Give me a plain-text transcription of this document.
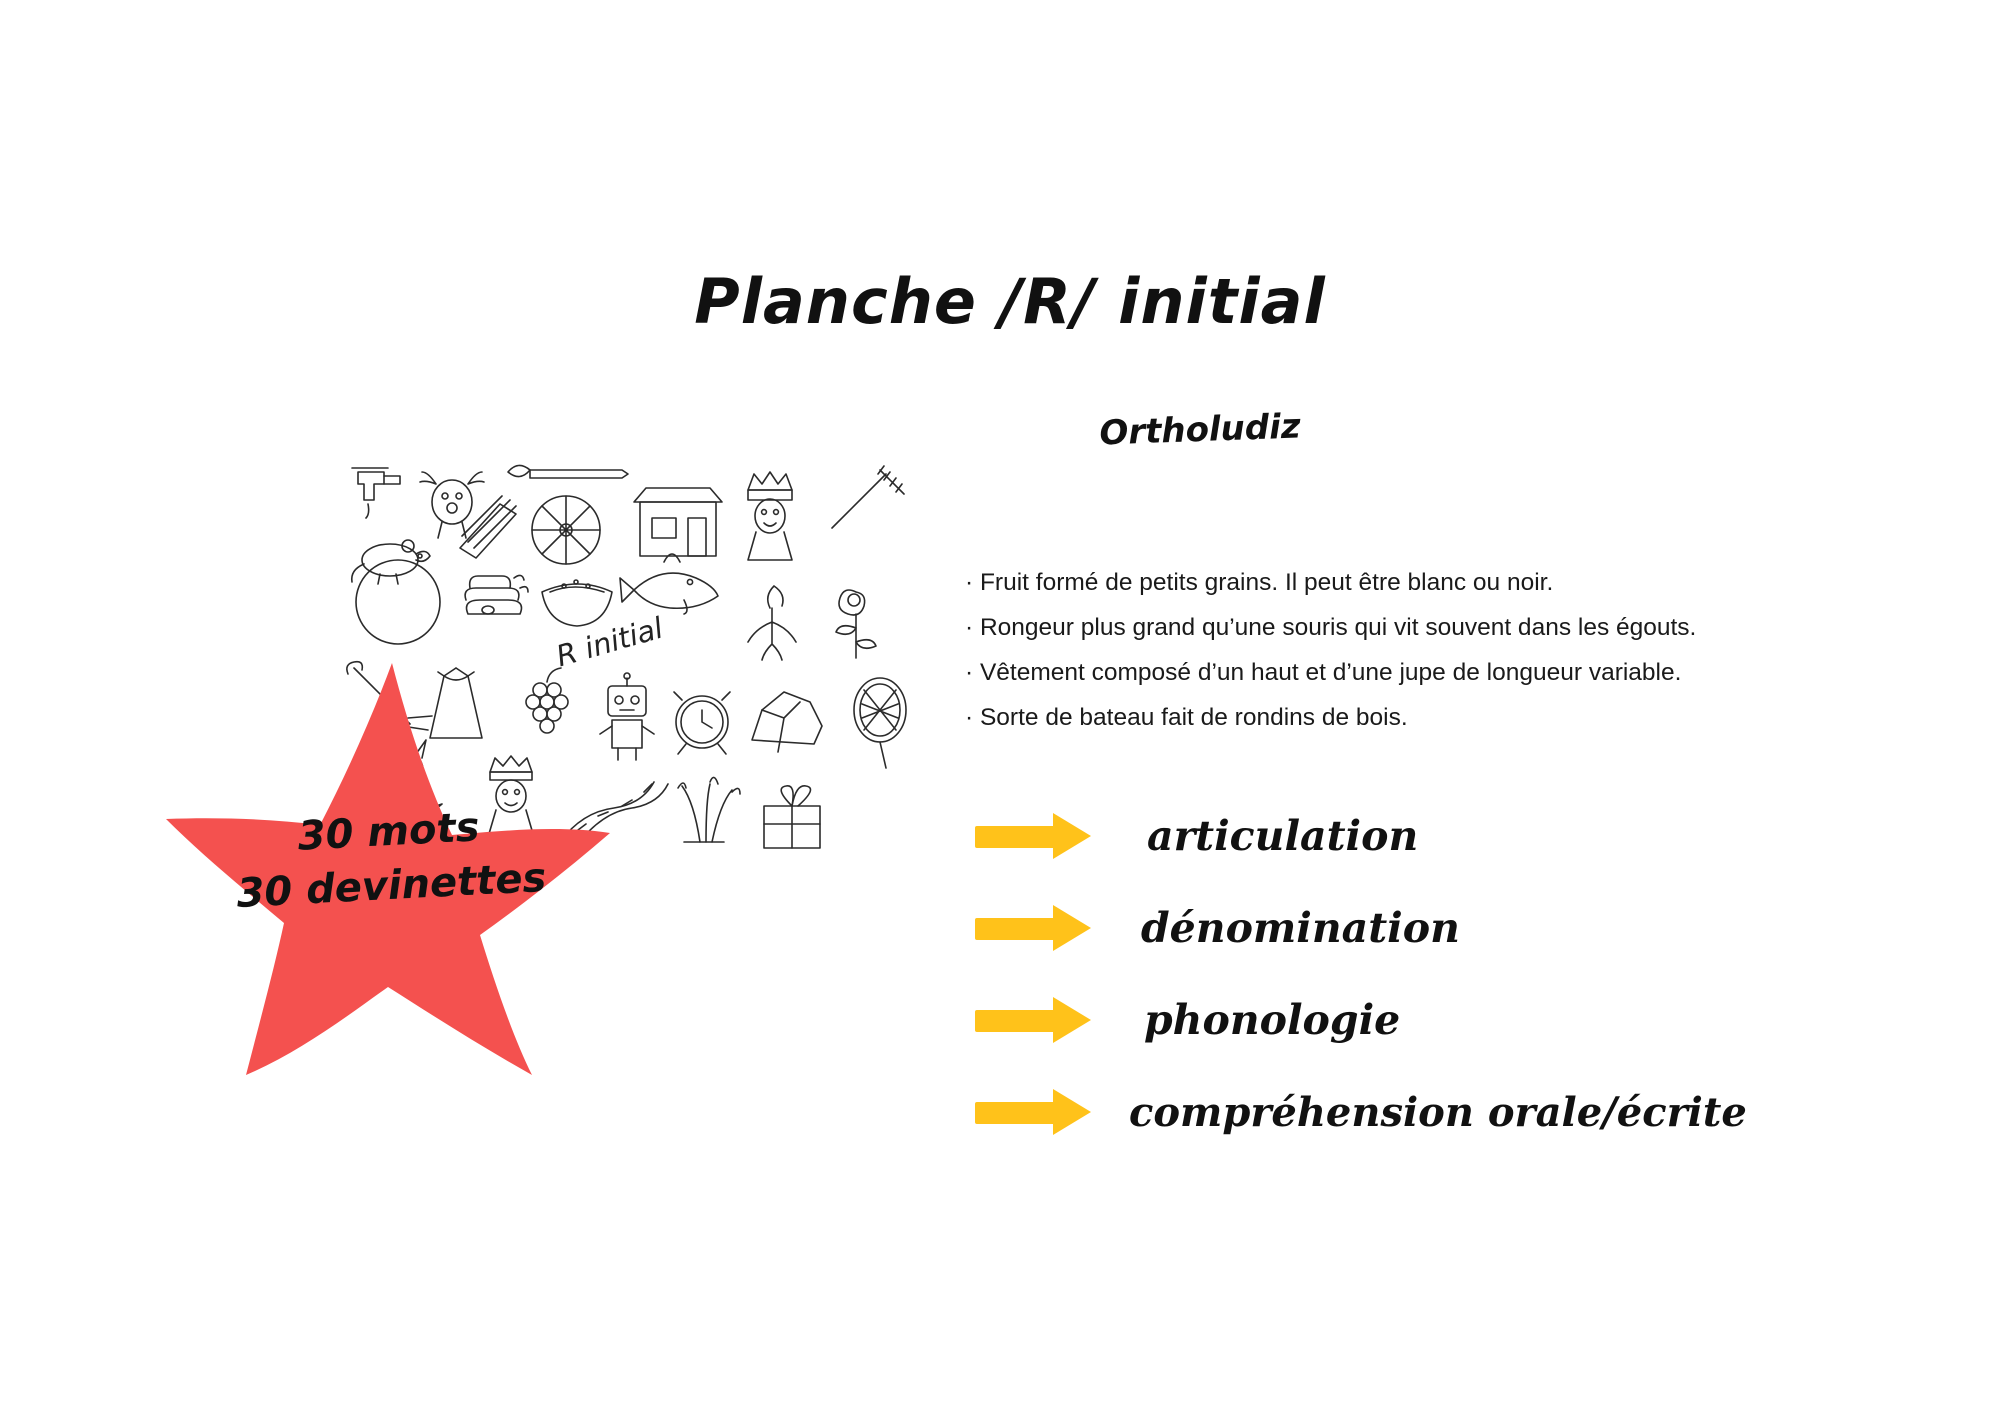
Planche /R/ initial
Ortholudiz
R initial
30 mots
30 devinettes
· Fruit formé de petits grains. Il peut être blanc ou noir.
· Rongeur plus grand qu’une souris qui vit souvent dans les égouts.
· Vêtement composé d’un haut et d’une jupe de longueur variable.
· Sorte de bateau fait de rondins de bois.
articulation
dénomination
phonologie
compréhension orale/écrite
